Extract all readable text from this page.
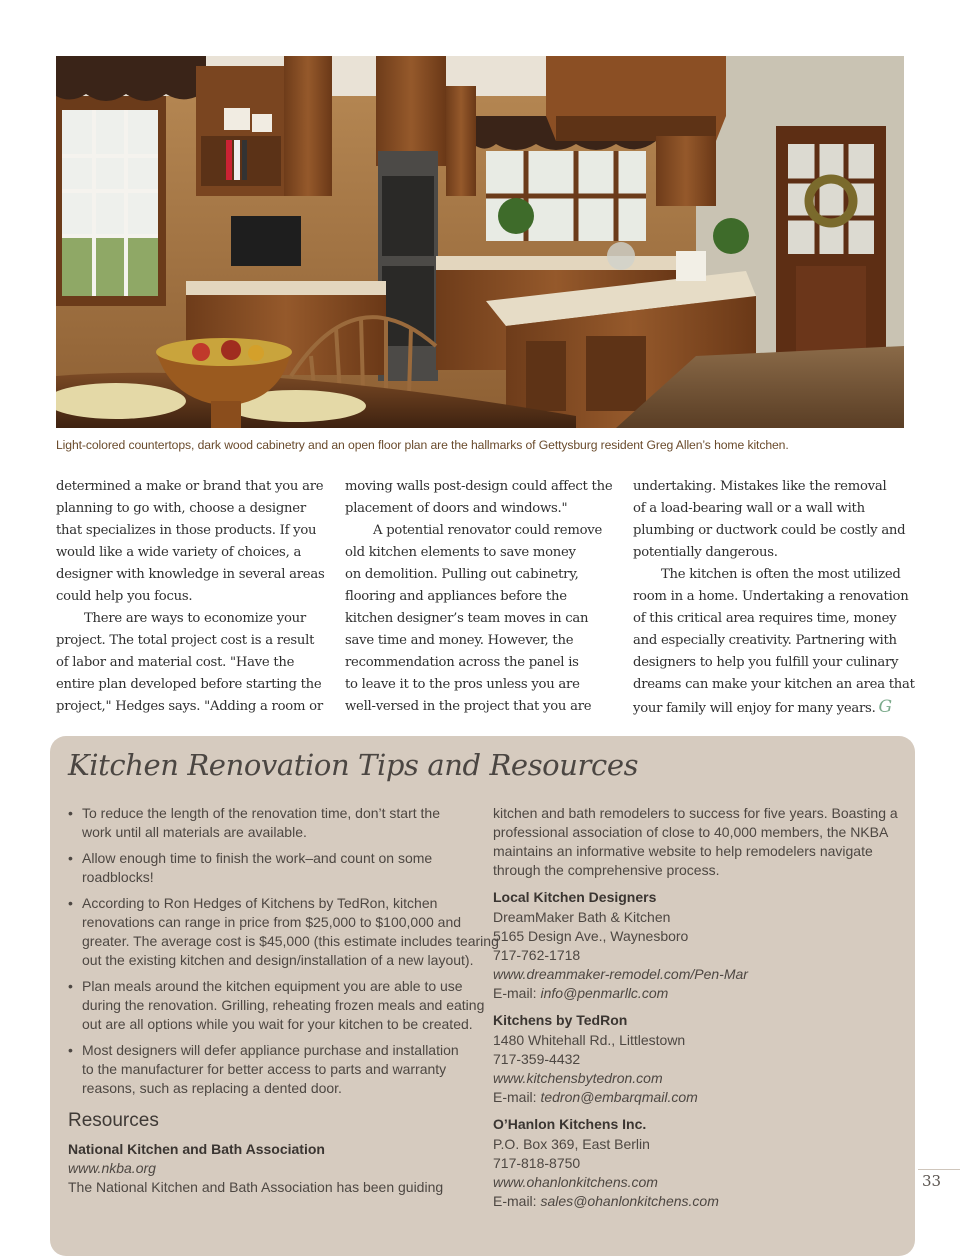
Light-colored countertops, dark wood cabinetry and an open floor plan are the hallmarks of Gettysburg resident Greg Allen’s home kitchen.

determined a make or brand that you are
planning to go with, choose a designer
that specializes in those products. If you
would like a wide variety of choices, a
designer with knowledge in several areas
could help you focus.

There are ways to economize your
project. The total project cost is a result
of labor and material cost. "Have the
entire plan developed before starting the
project," Hedges says. "Adding a room or

moving walls post-design could affect the
placement of doors and windows."

A potential renovator could remove
old kitchen elements to save money
on demolition. Pulling out cabinetry,
flooring and appliances before the
kitchen designer’s team moves in can
save time and money. However, the
recommendation across the panel is
to leave it to the pros unless you are
well-versed in the project that you are

undertaking. Mistakes like the removal
of a load-bearing wall or a wall with
plumbing or ductwork could be costly and
potentially dangerous.

The kitchen is often the most utilized
room in a home. Undertaking a renovation
of this critical area requires time, money
and especially creativity. Partnering with
designers to help you fulfill your culinary
dreams can make your kitchen an area that
your family will enjoy for many years. G

Kitchen Renovation Tips and Resources
• To reduce the length of the renovation time, don’t start the
work until all materials are available.
• Allow enough time to finish the work–and count on some
roadblocks!
• According to Ron Hedges of Kitchens by TedRon, kitchen
renovations can range in price from $25,000 to $100,000 and
greater. The average cost is $45,000 (this estimate includes tearing
out the existing kitchen and design/installation of a new layout).
• Plan meals around the kitchen equipment you are able to use
during the renovation. Grilling, reheating frozen meals and eating
out are all options while you wait for your kitchen to be created.
• Most designers will defer appliance purchase and installation
to the manufacturer for better access to parts and warranty
reasons, such as replacing a dented door.
Resources
National Kitchen and Bath Association
www.nkba.org
The National Kitchen and Bath Association has been guiding
kitchen and bath remodelers to success for five years. Boasting a
professional association of close to 40,000 members, the NKBA
maintains an informative website to help remodelers navigate
through the comprehensive process.
Local Kitchen Designers
DreamMaker Bath & Kitchen
5165 Design Ave., Waynesboro
717-762-1718
www.dreammaker-remodel.com/Pen-Mar
E-mail: info@penmarllc.com
Kitchens by TedRon
1480 Whitehall Rd., Littlestown
717-359-4432
www.kitchensbytedron.com
E-mail: tedron@embarqmail.com
O’Hanlon Kitchens Inc.
P.O. Box 369, East Berlin
717-818-8750
www.ohanlonkitchens.com
E-mail: sales@ohanlonkitchens.com
33
